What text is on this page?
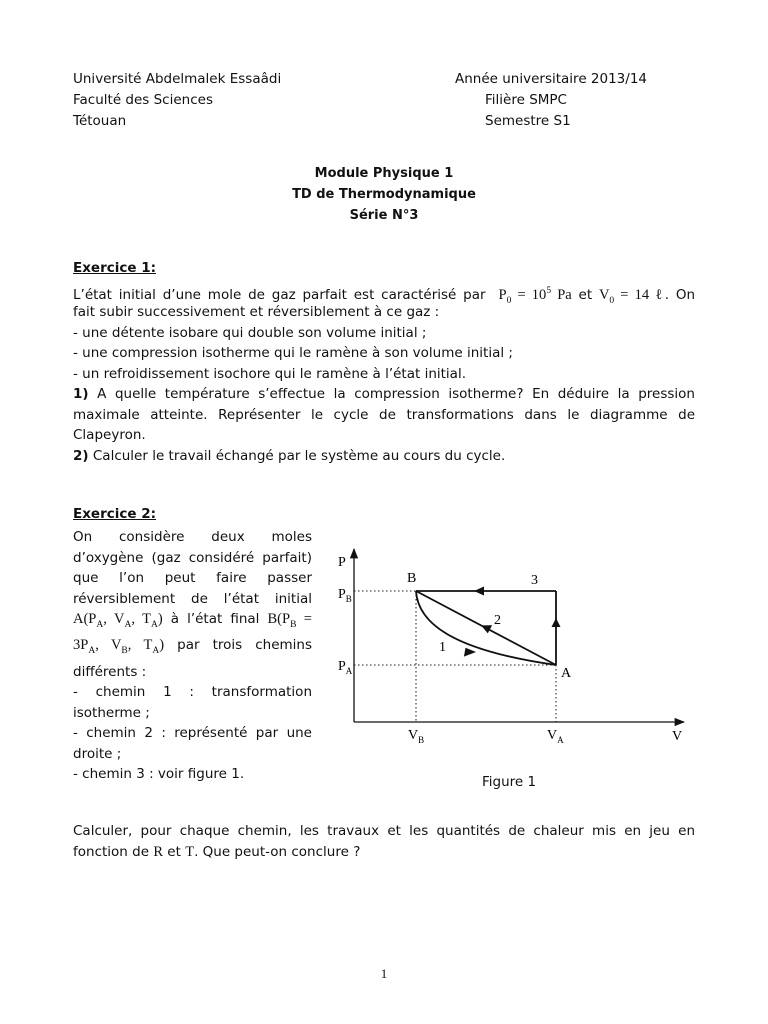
Université Abdelmalek Essaâdi
Faculté des Sciences
Tétouan
Année universitaire 2013/14
Filière SMPC
Semestre S1
Module Physique 1
TD de Thermodynamique
Série N°3
Exercice 1:
L’état initial d’une mole de gaz parfait est caractérisé par $P_0 = 10^5$ Pa et $V_0 = 14$ ℓ. On
fait subir successivement et réversiblement à ce gaz :
- une détente isobare qui double son volume initial ;
- une compression isotherme qui le ramène à son volume initial ;
- un refroidissement isochore qui le ramène à l’état initial.
1) A quelle température s’effectue la compression isotherme? En déduire la pression maximale atteinte. Représenter le cycle de transformations dans le diagramme de Clapeyron.
2) Calculer le travail échangé par le système au cours du cycle.
Exercice 2:
On considère deux moles d’oxygène (gaz considéré parfait) que l’on peut faire passer réversiblement de l’état initial $A(P_A$, $V_A$, $T_A$) à l’état final $B(P_B = 3P_A$, $V_B$, $T_A$) par trois chemins différents :
- chemin 1 : transformation isotherme ;
- chemin 2 : représenté par une droite ;
- chemin 3 : voir figure 1.
P
$P_B$
$P_A$
$V_B$	$V_A$	V
B
A
3
2
1
Figure 1
Calculer, pour chaque chemin, les travaux et les quantités de chaleur mis en jeu en fonction de R et T. Que peut-on conclure ?
1
